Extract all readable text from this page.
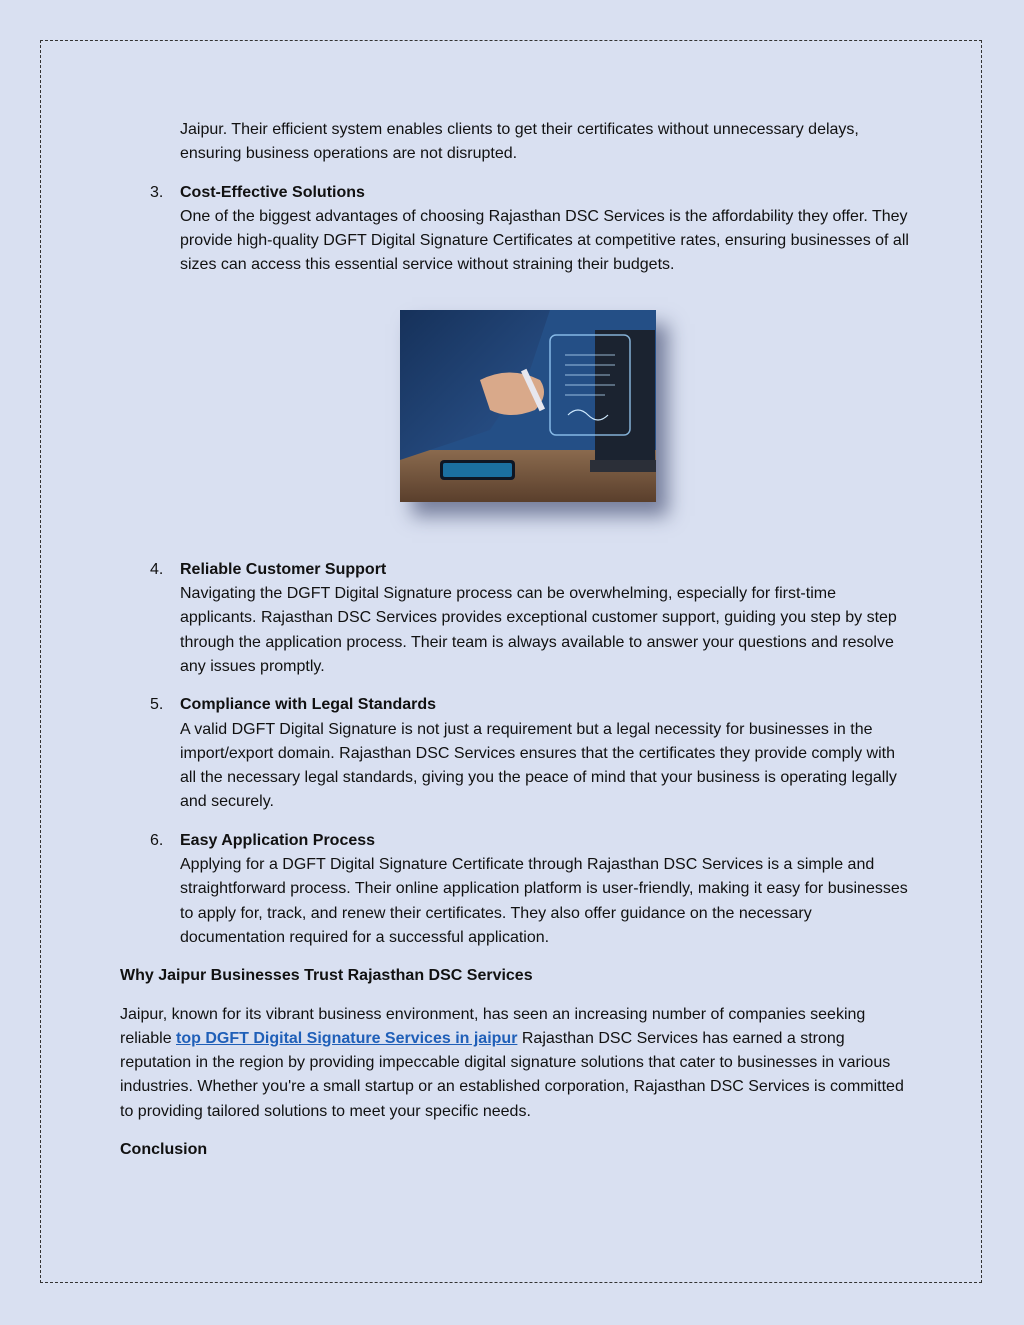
Jaipur. Their efficient system enables clients to get their certificates without unnecessary delays, ensuring business operations are not disrupted.
3. Cost-Effective Solutions
One of the biggest advantages of choosing Rajasthan DSC Services is the affordability they offer. They provide high-quality DGFT Digital Signature Certificates at competitive rates, ensuring businesses of all sizes can access this essential service without straining their budgets.
4. Reliable Customer Support
Navigating the DGFT Digital Signature process can be overwhelming, especially for first-time applicants. Rajasthan DSC Services provides exceptional customer support, guiding you step by step through the application process. Their team is always available to answer your questions and resolve any issues promptly.
5. Compliance with Legal Standards
A valid DGFT Digital Signature is not just a requirement but a legal necessity for businesses in the import/export domain. Rajasthan DSC Services ensures that the certificates they provide comply with all the necessary legal standards, giving you the peace of mind that your business is operating legally and securely.
6. Easy Application Process
Applying for a DGFT Digital Signature Certificate through Rajasthan DSC Services is a simple and straightforward process. Their online application platform is user-friendly, making it easy for businesses to apply for, track, and renew their certificates. They also offer guidance on the necessary documentation required for a successful application.
Why Jaipur Businesses Trust Rajasthan DSC Services

Jaipur, known for its vibrant business environment, has seen an increasing number of companies seeking reliable top DGFT Digital Signature Services in jaipur Rajasthan DSC Services has earned a strong reputation in the region by providing impeccable digital signature solutions that cater to businesses in various industries. Whether you're a small startup or an established corporation, Rajasthan DSC Services is committed to providing tailored solutions to meet your specific needs.

Conclusion
